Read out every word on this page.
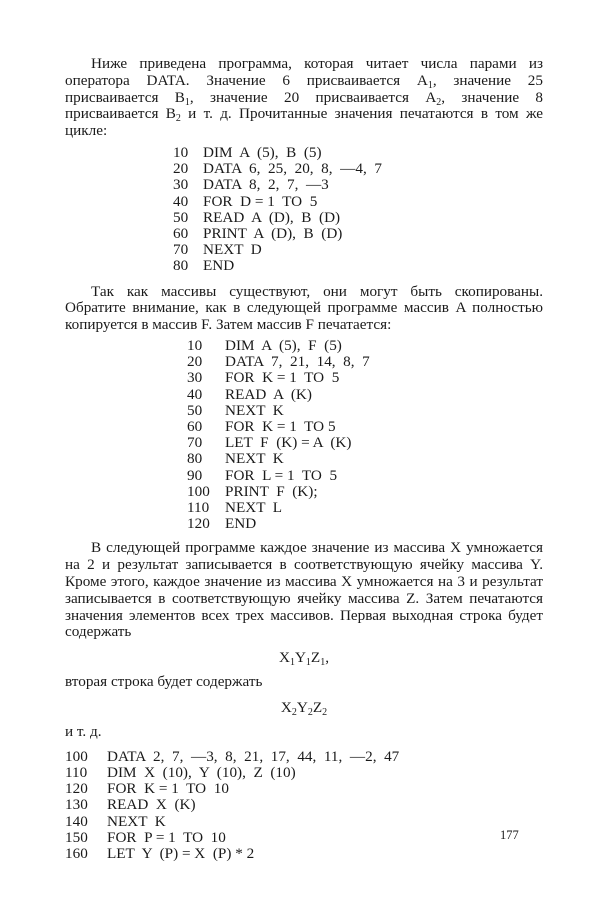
Ниже приведена программа, которая читает числа парами из оператора DATA. Значение 6 присваивается $A_1$, значение 25 присваивается $B_1$, значение 20 присваивается $A_2$, значение 8 присваивается $B_2$ и т. д. Прочитанные значения печатаются в том же цикле:

10 DIM  A  (5),  B  (5)
20 DATA  6,  25,  20,  8,  —4,  7
30 DATA  8,  2,  7,  —3
40 FOR  D = 1  TO  5
50 READ  A  (D),  B  (D)
60 PRINT  A  (D),  B  (D)
70 NEXT  D
80 END

Так как массивы существуют, они могут быть скопированы. Обратите внимание, как в следующей программе массив A полностью копируется в массив F. Затем массив F печатается:

10 DIM  A  (5),  F  (5)
20 DATA  7,  21,  14,  8,  7
30 FOR  K = 1  TO  5
40 READ  A  (K)
50 NEXT  K
60 FOR  K = 1  TO 5
70 LET  F  (K) = A  (K)
80 NEXT  K
90 FOR  L = 1  TO  5
100 PRINT  F  (K);
110 NEXT  L
120 END

В следующей программе каждое значение из массива X умножается на 2 и результат записывается в соответствующую ячейку массива Y. Кроме этого, каждое значение из массива X умножается на 3 и результат записывается в соответствующую ячейку массива Z. Затем печатаются значения элементов всех трех массивов. Первая выходная строка будет содержать

$X_1Y_1Z_1$,

вторая строка будет содержать

$X_2Y_2Z_2$

и т. д.

100 DATA  2,  7,  —3,  8,  21,  17,  44,  11,  —2,  47
110 DIM  X  (10),  Y  (10),  Z  (10)
120 FOR  K = 1  TO  10
130 READ  X  (K)
140 NEXT  K
150 FOR  P = 1  TO  10
160 LET  Y  (P) = X  (P) * 2
177
